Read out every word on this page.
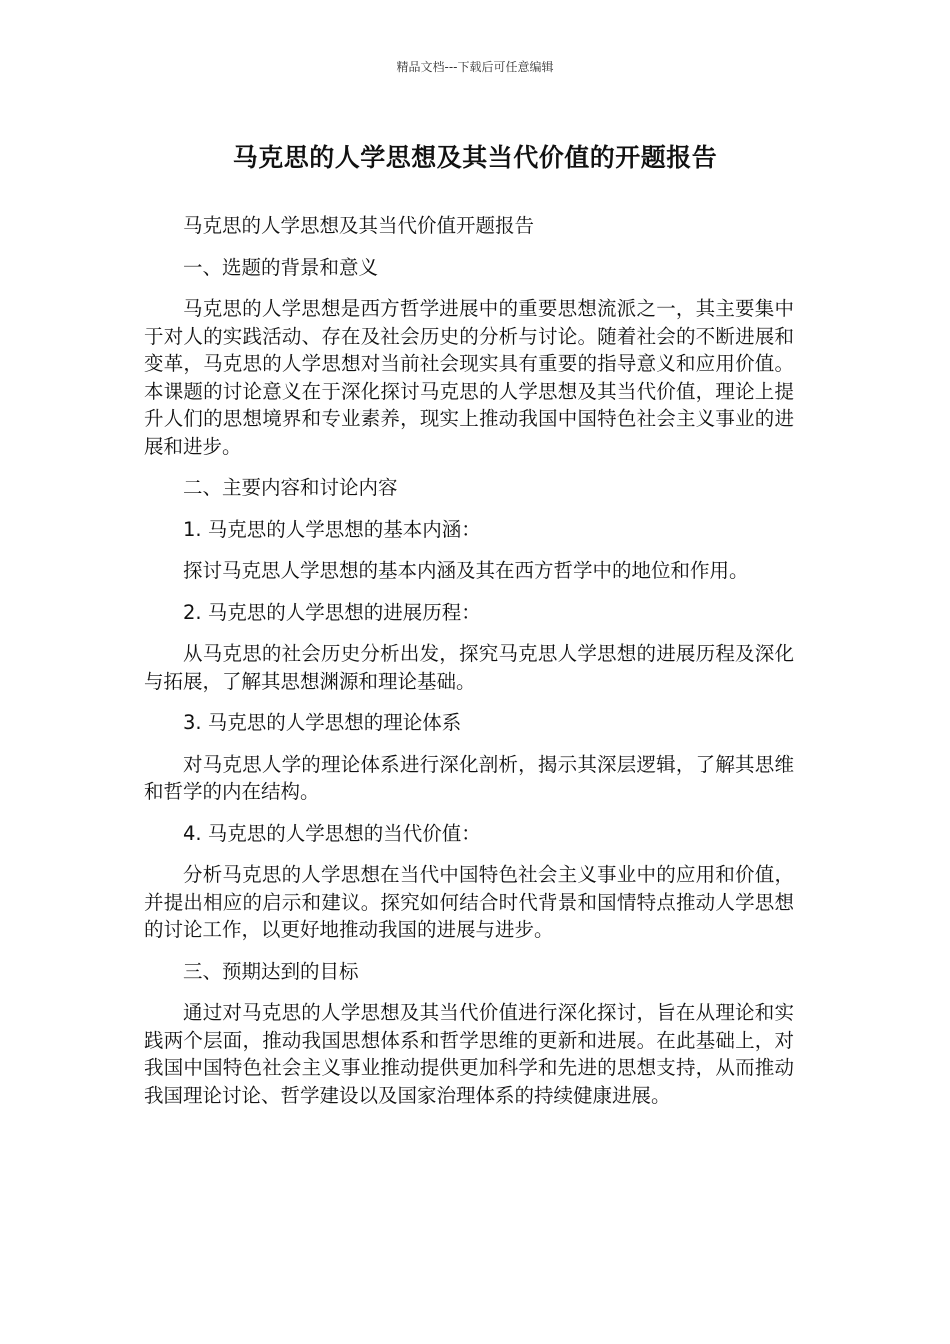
精品文档---下载后可任意编辑
马克思的人学思想及其当代价值的开题报告

马克思的人学思想及其当代价值开题报告

一、选题的背景和意义

马克思的人学思想是西方哲学进展中的重要思想流派之一，其主要集中于对人的实践活动、存在及社会历史的分析与讨论。随着社会的不断进展和变革，马克思的人学思想对当前社会现实具有重要的指导意义和应用价值。本课题的讨论意义在于深化探讨马克思的人学思想及其当代价值，理论上提升人们的思想境界和专业素养，现实上推动我国中国特色社会主义事业的进展和进步。

二、主要内容和讨论内容

1. 马克思的人学思想的基本内涵：

探讨马克思人学思想的基本内涵及其在西方哲学中的地位和作用。

2. 马克思的人学思想的进展历程：

从马克思的社会历史分析出发，探究马克思人学思想的进展历程及深化与拓展，了解其思想渊源和理论基础。

3. 马克思的人学思想的理论体系

对马克思人学的理论体系进行深化剖析，揭示其深层逻辑，了解其思维和哲学的内在结构。

4. 马克思的人学思想的当代价值：

分析马克思的人学思想在当代中国特色社会主义事业中的应用和价值，并提出相应的启示和建议。探究如何结合时代背景和国情特点推动人学思想的讨论工作，以更好地推动我国的进展与进步。

三、预期达到的目标

通过对马克思的人学思想及其当代价值进行深化探讨，旨在从理论和实践两个层面，推动我国思想体系和哲学思维的更新和进展。在此基础上，对我国中国特色社会主义事业推动提供更加科学和先进的思想支持，从而推动我国理论讨论、哲学建设以及国家治理体系的持续健康进展。
